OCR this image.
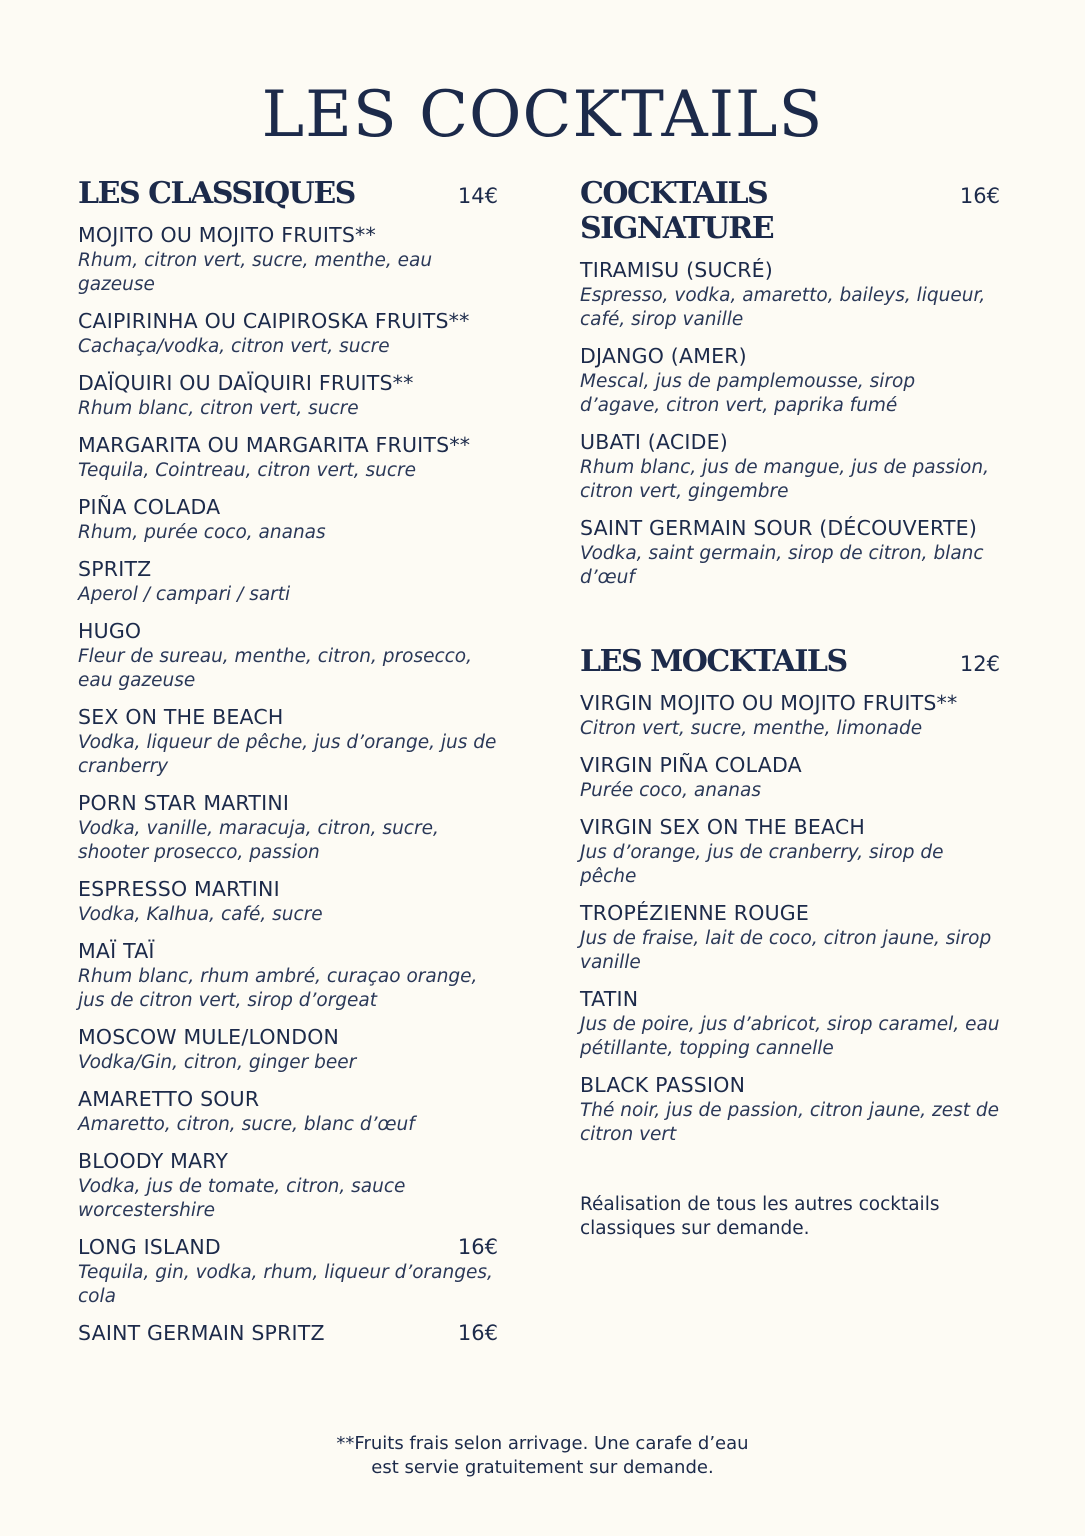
LES COCKTAILS
LES CLASSIQUES	14€
MOJITO OU MOJITO FRUITS**
Rhum, citron vert, sucre, menthe, eau gazeuse
CAIPIRINHA OU CAIPIROSKA FRUITS**
Cachaça/vodka, citron vert, sucre
DAÏQUIRI OU DAÏQUIRI FRUITS**
Rhum blanc, citron vert, sucre
MARGARITA OU MARGARITA FRUITS**
Tequila, Cointreau, citron vert, sucre
PIÑA COLADA
Rhum, purée coco, ananas
SPRITZ
Aperol / campari / sarti
HUGO
Fleur de sureau, menthe, citron, prosecco, eau gazeuse
SEX ON THE BEACH
Vodka, liqueur de pêche, jus d’orange, jus de cranberry
PORN STAR MARTINI
Vodka, vanille, maracuja, citron, sucre, shooter prosecco, passion
ESPRESSO MARTINI
Vodka, Kalhua, café, sucre
MAÏ TAÏ
Rhum blanc, rhum ambré, curaçao orange, jus de citron vert, sirop d’orgeat
MOSCOW MULE/LONDON
Vodka/Gin, citron, ginger beer
AMARETTO SOUR
Amaretto, citron, sucre, blanc d’œuf
BLOODY MARY
Vodka, jus de tomate, citron, sauce worcestershire
LONG ISLAND	16€
Tequila, gin, vodka, rhum, liqueur d’oranges, cola
SAINT GERMAIN SPRITZ	16€
COCKTAILS SIGNATURE
16€
TIRAMISU (SUCRÉ)
Espresso, vodka, amaretto, baileys, liqueur, café, sirop vanille
DJANGO (AMER)
Mescal, jus de pamplemousse, sirop d’agave, citron vert, paprika fumé
UBATI (ACIDE)
Rhum blanc, jus de mangue, jus de passion, citron vert, gingembre
SAINT GERMAIN SOUR (DÉCOUVERTE)
Vodka, saint germain, sirop de citron, blanc d’œuf
LES MOCKTAILS	12€
VIRGIN MOJITO OU MOJITO FRUITS**
Citron vert, sucre, menthe, limonade
VIRGIN PIÑA COLADA
Purée coco, ananas
VIRGIN SEX ON THE BEACH
Jus d’orange, jus de cranberry, sirop de pêche
TROPÉZIENNE ROUGE
Jus de fraise, lait de coco, citron jaune, sirop vanille
TATIN
Jus de poire, jus d’abricot, sirop caramel, eau pétillante, topping cannelle
BLACK PASSION
Thé noir, jus de passion, citron jaune, zest de citron vert
Réalisation de tous les autres cocktails classiques sur demande.
**Fruits frais selon arrivage. Une carafe d’eau
est servie gratuitement sur demande.
